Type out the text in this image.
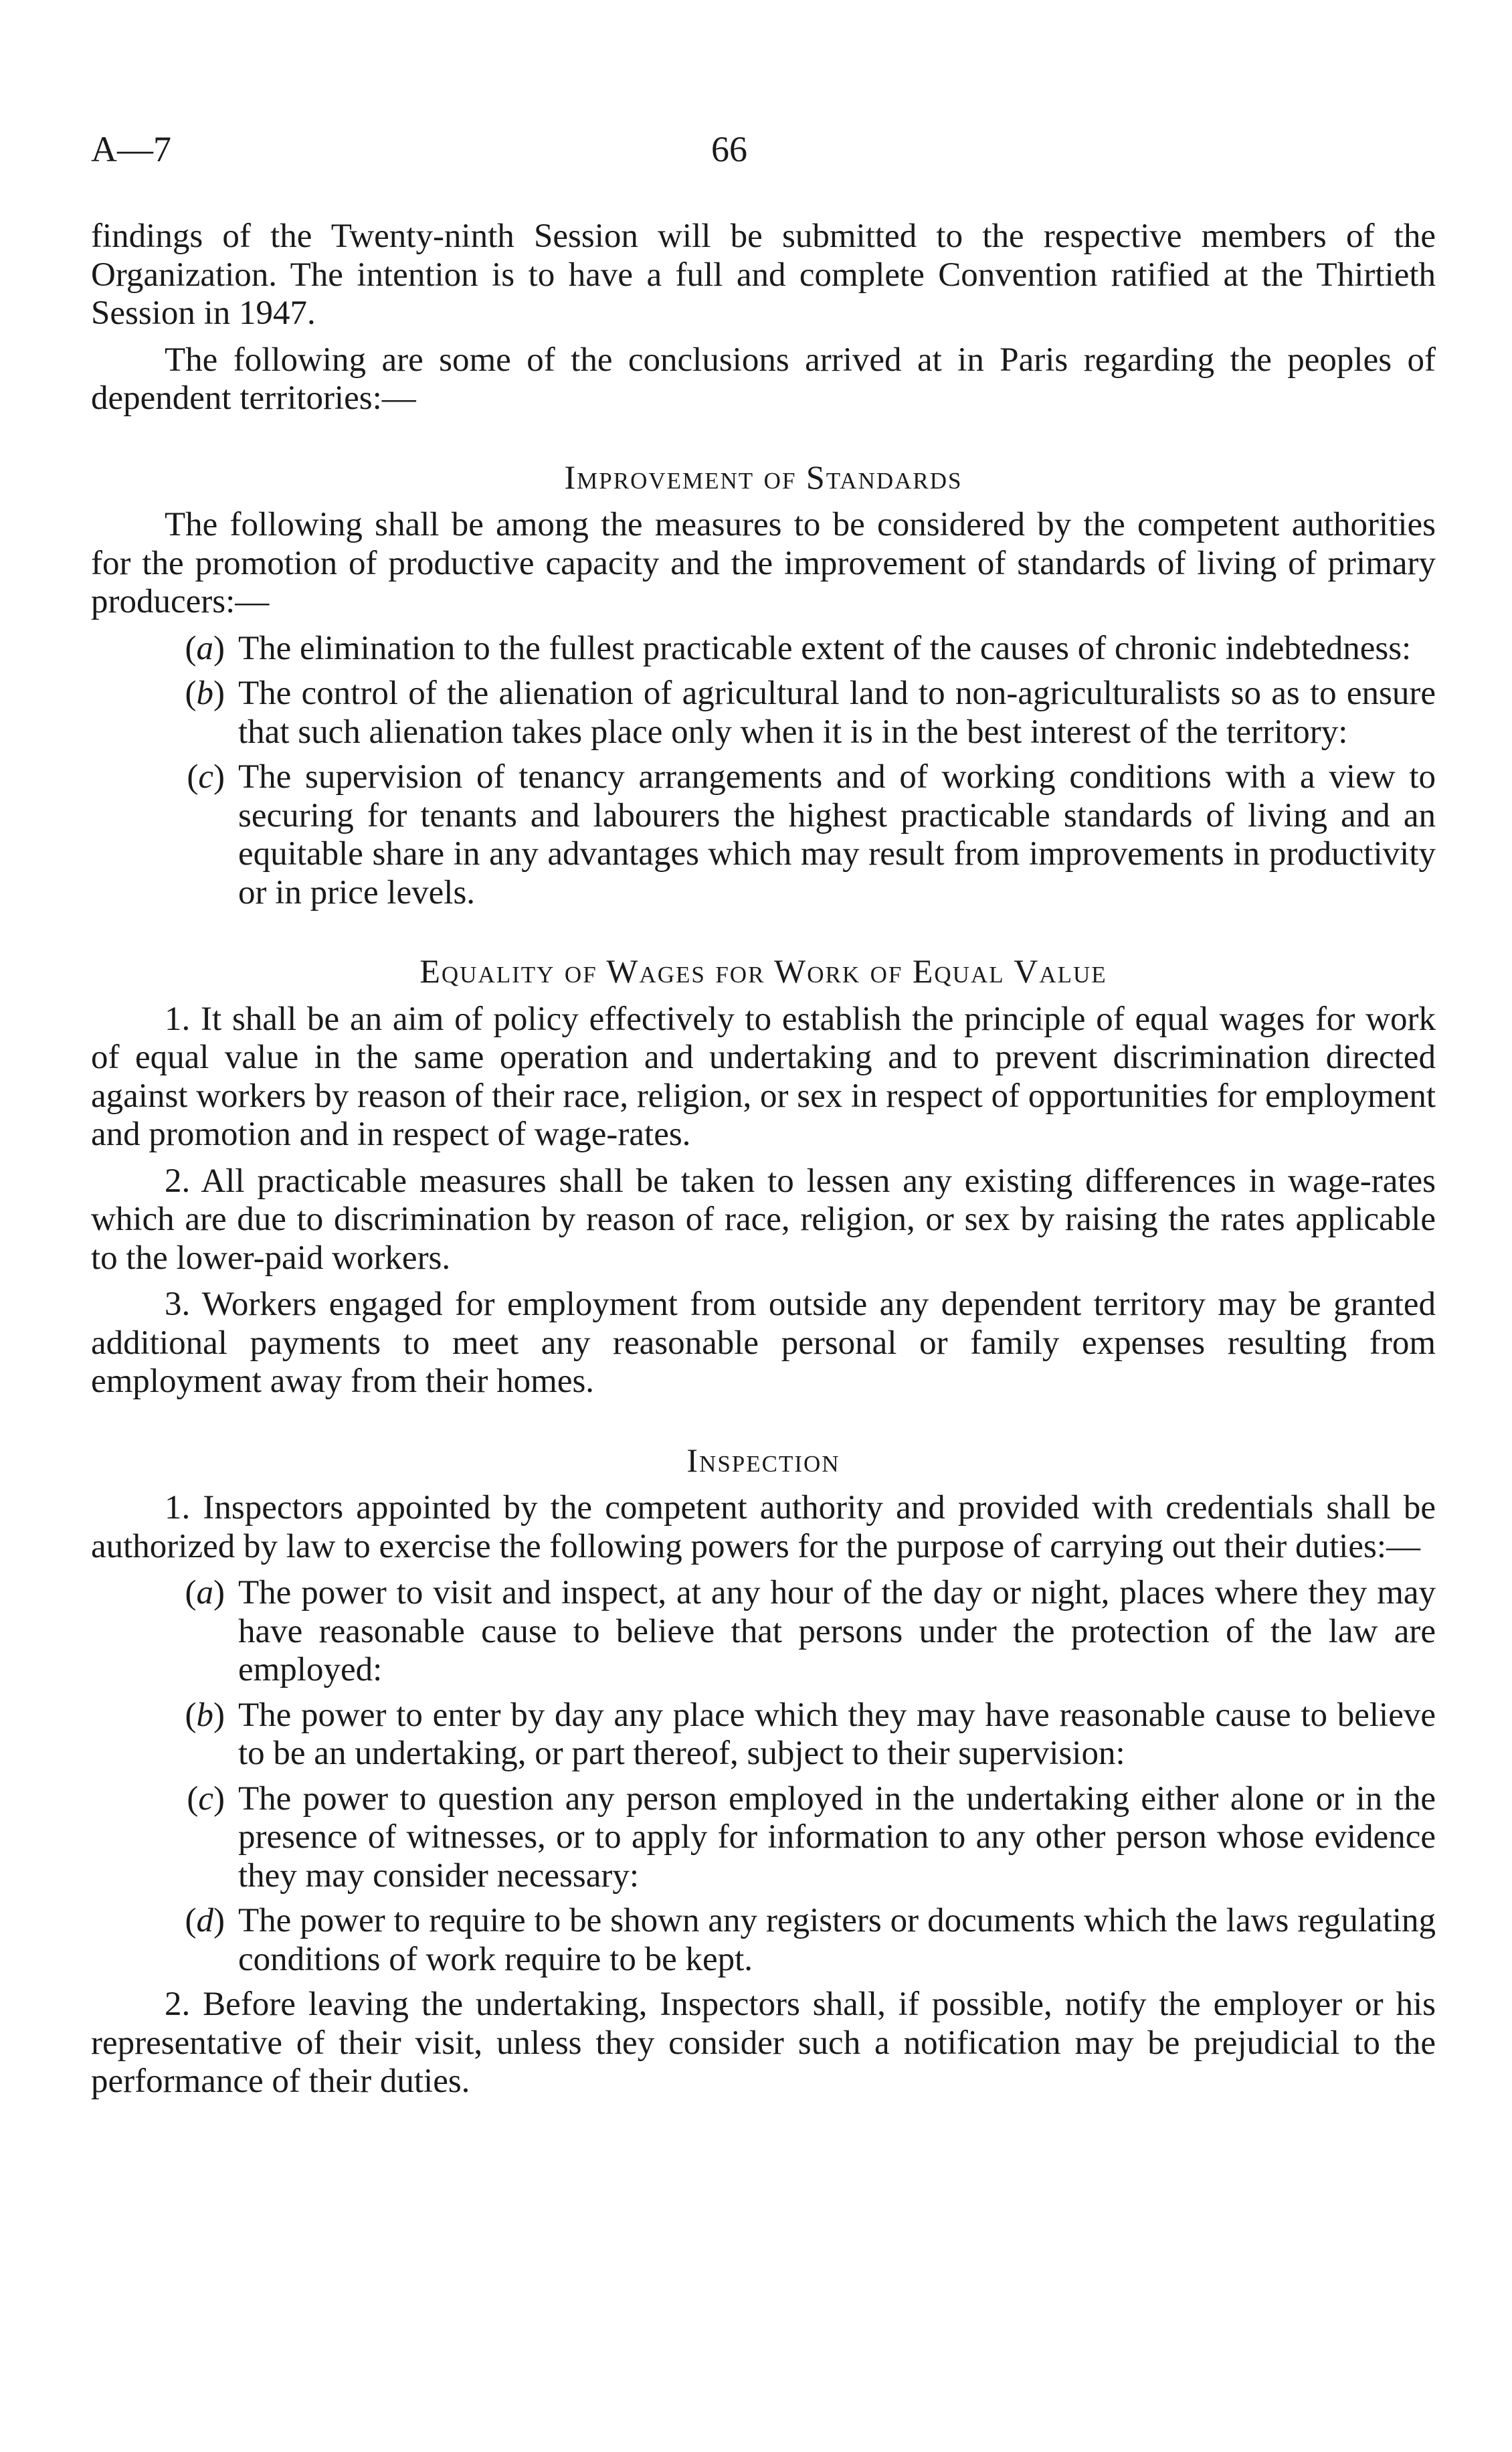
A—7	66

findings of the Twenty-ninth Session will be submitted to the respective members of the Organization. The intention is to have a full and complete Convention ratified at the Thirtieth Session in 1947.

The following are some of the conclusions arrived at in Paris regarding the peoples of dependent territories:—

Improvement of Standards

The following shall be among the measures to be considered by the competent authorities for the promotion of productive capacity and the improvement of standards of living of primary producers:—

(a) The elimination to the fullest practicable extent of the causes of chronic indebtedness:
(b) The control of the alienation of agricultural land to non-agriculturalists so as to ensure that such alienation takes place only when it is in the best interest of the territory:
(c) The supervision of tenancy arrangements and of working conditions with a view to securing for tenants and labourers the highest practicable standards of living and an equitable share in any advantages which may result from improvements in productivity or in price levels.
Equality of Wages for Work of Equal Value

1. It shall be an aim of policy effectively to establish the principle of equal wages for work of equal value in the same operation and undertaking and to prevent discrimination directed against workers by reason of their race, religion, or sex in respect of opportunities for employment and promotion and in respect of wage-rates.

2. All practicable measures shall be taken to lessen any existing differences in wage-rates which are due to discrimination by reason of race, religion, or sex by raising the rates applicable to the lower-paid workers.

3. Workers engaged for employment from outside any dependent territory may be granted additional payments to meet any reasonable personal or family expenses resulting from employment away from their homes.

Inspection

1. Inspectors appointed by the competent authority and provided with credentials shall be authorized by law to exercise the following powers for the purpose of carrying out their duties:—

(a) The power to visit and inspect, at any hour of the day or night, places where they may have reasonable cause to believe that persons under the protection of the law are employed:
(b) The power to enter by day any place which they may have reasonable cause to believe to be an undertaking, or part thereof, subject to their supervision:
(c) The power to question any person employed in the undertaking either alone or in the presence of witnesses, or to apply for information to any other person whose evidence they may consider necessary:
(d) The power to require to be shown any registers or documents which the laws regulating conditions of work require to be kept.

2. Before leaving the undertaking, Inspectors shall, if possible, notify the employer or his representative of their visit, unless they consider such a notification may be prejudicial to the performance of their duties.
